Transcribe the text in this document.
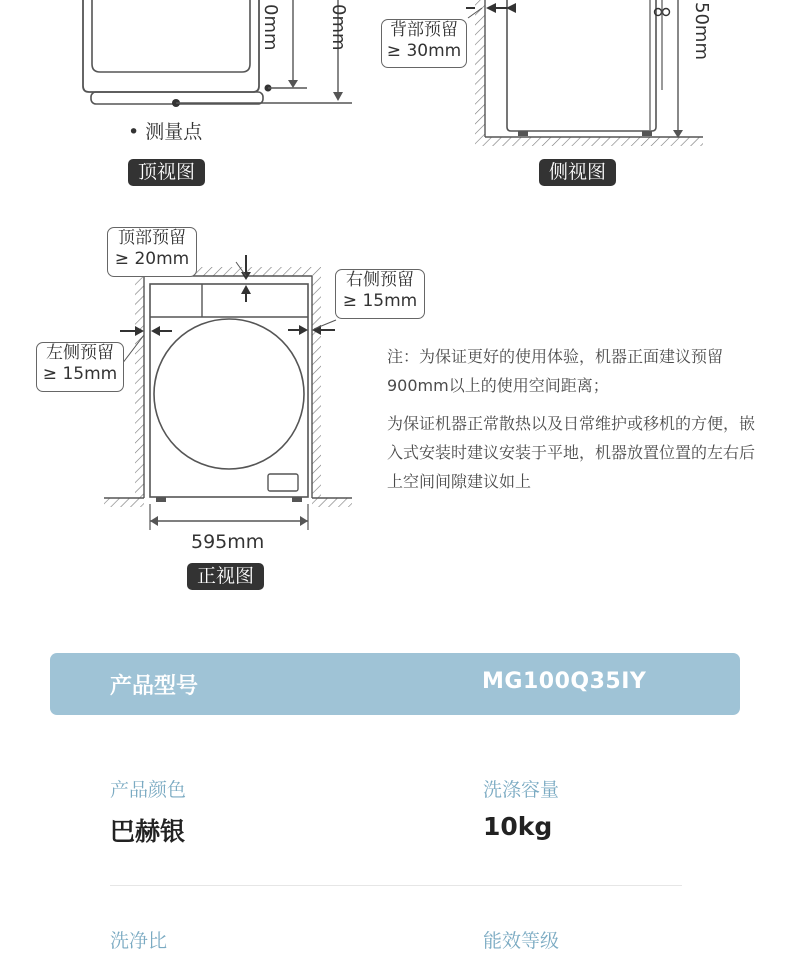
0mm	0mm
• 测量点
顶视图
背部预留
≥ 30mm	50mm
侧视图
顶部预留
≥ 20mm
右侧预留
≥ 15mm
左侧预留
≥ 15mm
595mm
正视图
注：为保证更好的使用体验，机器正面建议预留900mm以上的使用空间距离；
为保证机器正常散热以及日常维护或移机的方便，嵌入式安装时建议安装于平地，机器放置位置的左右后上空间间隙建议如上
产品型号	MG100Q35IY
产品颜色
巴赫银
洗涤容量
10kg
洗净比	能效等级
